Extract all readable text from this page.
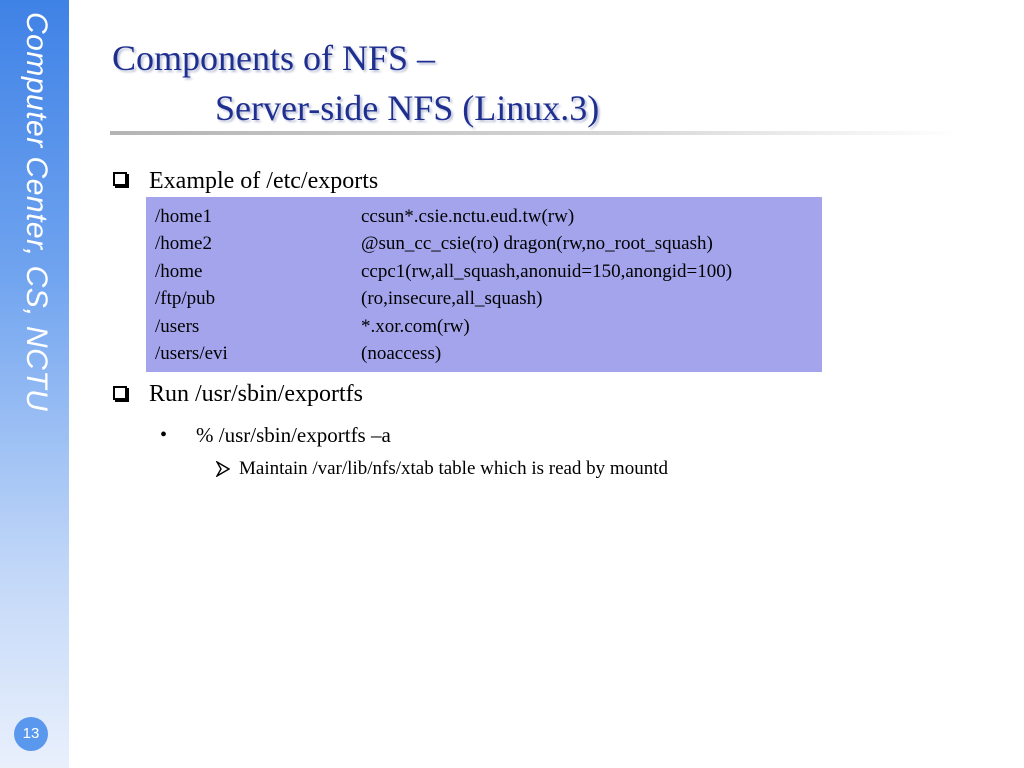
Computer Center, CS, NCTU
13
Components of NFS –
Server-side NFS (Linux.3)
Example of /etc/exports
/home1	ccsun*.csie.nctu.eud.tw(rw)
/home2	@sun_cc_csie(ro) dragon(rw,no_root_squash)
/home	ccpc1(rw,all_squash,anonuid=150,anongid=100)
/ftp/pub	(ro,insecure,all_squash)
/users	*.xor.com(rw)
/users/evi	(noaccess)
Run /usr/sbin/exportfs
• % /usr/sbin/exportfs –a
Maintain /var/lib/nfs/xtab table which is read by mountd
